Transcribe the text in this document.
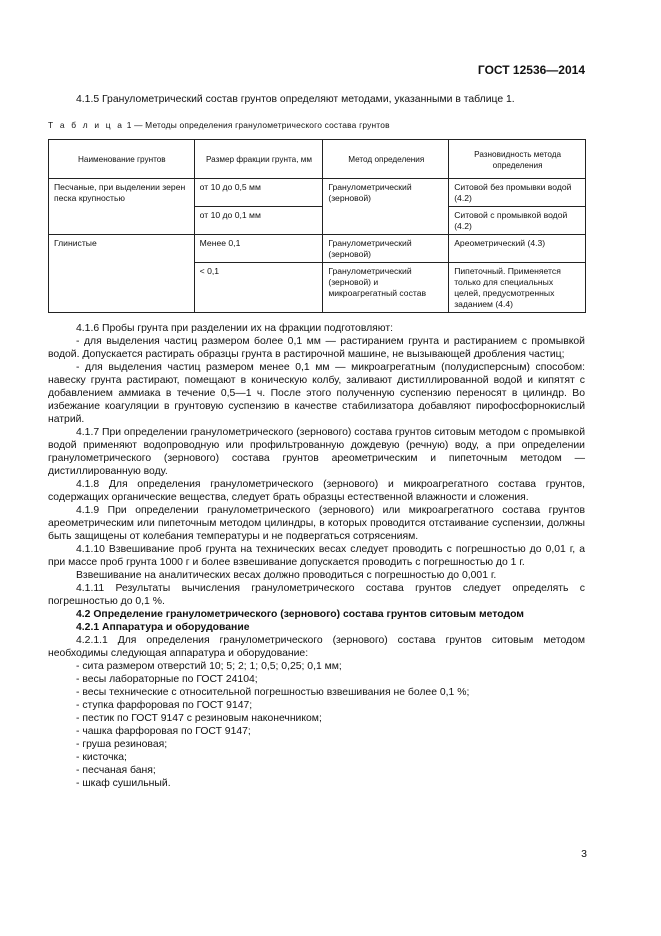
ГОСТ 12536—2014
4.1.5 Гранулометрический состав грунтов определяют методами, указанными в таблице 1.
Т а б л и ц а 1 — Методы определения гранулометрического состава грунтов
Наименование грунтов	Размер фракции грунта, мм	Метод определения	Разновидность метода определения
Песчаные, при выделении зерен песка крупностью	от 10 до 0,5 мм	Гранулометрический (зерновой)	Ситовой без промывки водой (4.2)
	от 10 до 0,1 мм		Ситовой с промывкой водой (4.2)
Глинистые	Менее 0,1	Гранулометрический (зерновой)	Ареометрический (4.3)
	< 0,1	Гранулометрический (зерновой) и микроагрегатный состав	Пипеточный. Применяется только для специальных целей, предусмотренных заданием (4.4)
4.1.6 Пробы грунта при разделении их на фракции подготовляют:
- для выделения частиц размером более 0,1 мм — растиранием грунта и растиранием с промывкой водой. Допускается растирать образцы грунта в растирочной машине, не вызывающей дробления частиц;
- для выделения частиц размером менее 0,1 мм — микроагрегатным (полудисперсным) способом: навеску грунта растирают, помещают в коническую колбу, заливают дистиллированной водой и кипятят с добавлением аммиака в течение 0,5—1 ч. После этого полученную суспензию переносят в цилиндр. Во избежание коагуляции в грунтовую суспензию в качестве стабилизатора добавляют пирофосфорнокислый натрий.
4.1.7 При определении гранулометрического (зернового) состава грунтов ситовым методом с промывкой водой применяют водопроводную или профильтрованную дождевую (речную) воду, а при определении гранулометрического (зернового) состава грунтов ареометрическим и пипеточным методом — дистиллированную воду.
4.1.8 Для определения гранулометрического (зернового) и микроагрегатного состава грунтов, содержащих органические вещества, следует брать образцы естественной влажности и сложения.
4.1.9 При определении гранулометрического (зернового) или микроагрегатного состава грунтов ареометрическим или пипеточным методом цилиндры, в которых проводится отстаивание суспензии, должны быть защищены от колебания температуры и не подвергаться сотрясениям.
4.1.10 Взвешивание проб грунта на технических весах следует проводить с погрешностью до 0,01 г, а при массе проб грунта 1000 г и более взвешивание допускается проводить с погрешностью до 1 г.
Взвешивание на аналитических весах должно проводиться с погрешностью до 0,001 г.
4.1.11 Результаты вычисления гранулометрического состава грунтов следует определять с погрешностью до 0,1 %.
4.2 Определение гранулометрического (зернового) состава грунтов ситовым методом
4.2.1 Аппаратура и оборудование
4.2.1.1 Для определения гранулометрического (зернового) состава грунтов ситовым методом необходимы следующая аппаратура и оборудование:
- сита размером отверстий 10; 5; 2; 1; 0,5; 0,25; 0,1 мм;
- весы лабораторные по ГОСТ 24104;
- весы технические с относительной погрешностью взвешивания не более 0,1 %;
- ступка фарфоровая по ГОСТ 9147;
- пестик по ГОСТ 9147 с резиновым наконечником;
- чашка фарфоровая по ГОСТ 9147;
- груша резиновая;
- кисточка;
- песчаная баня;
- шкаф сушильный.
3
